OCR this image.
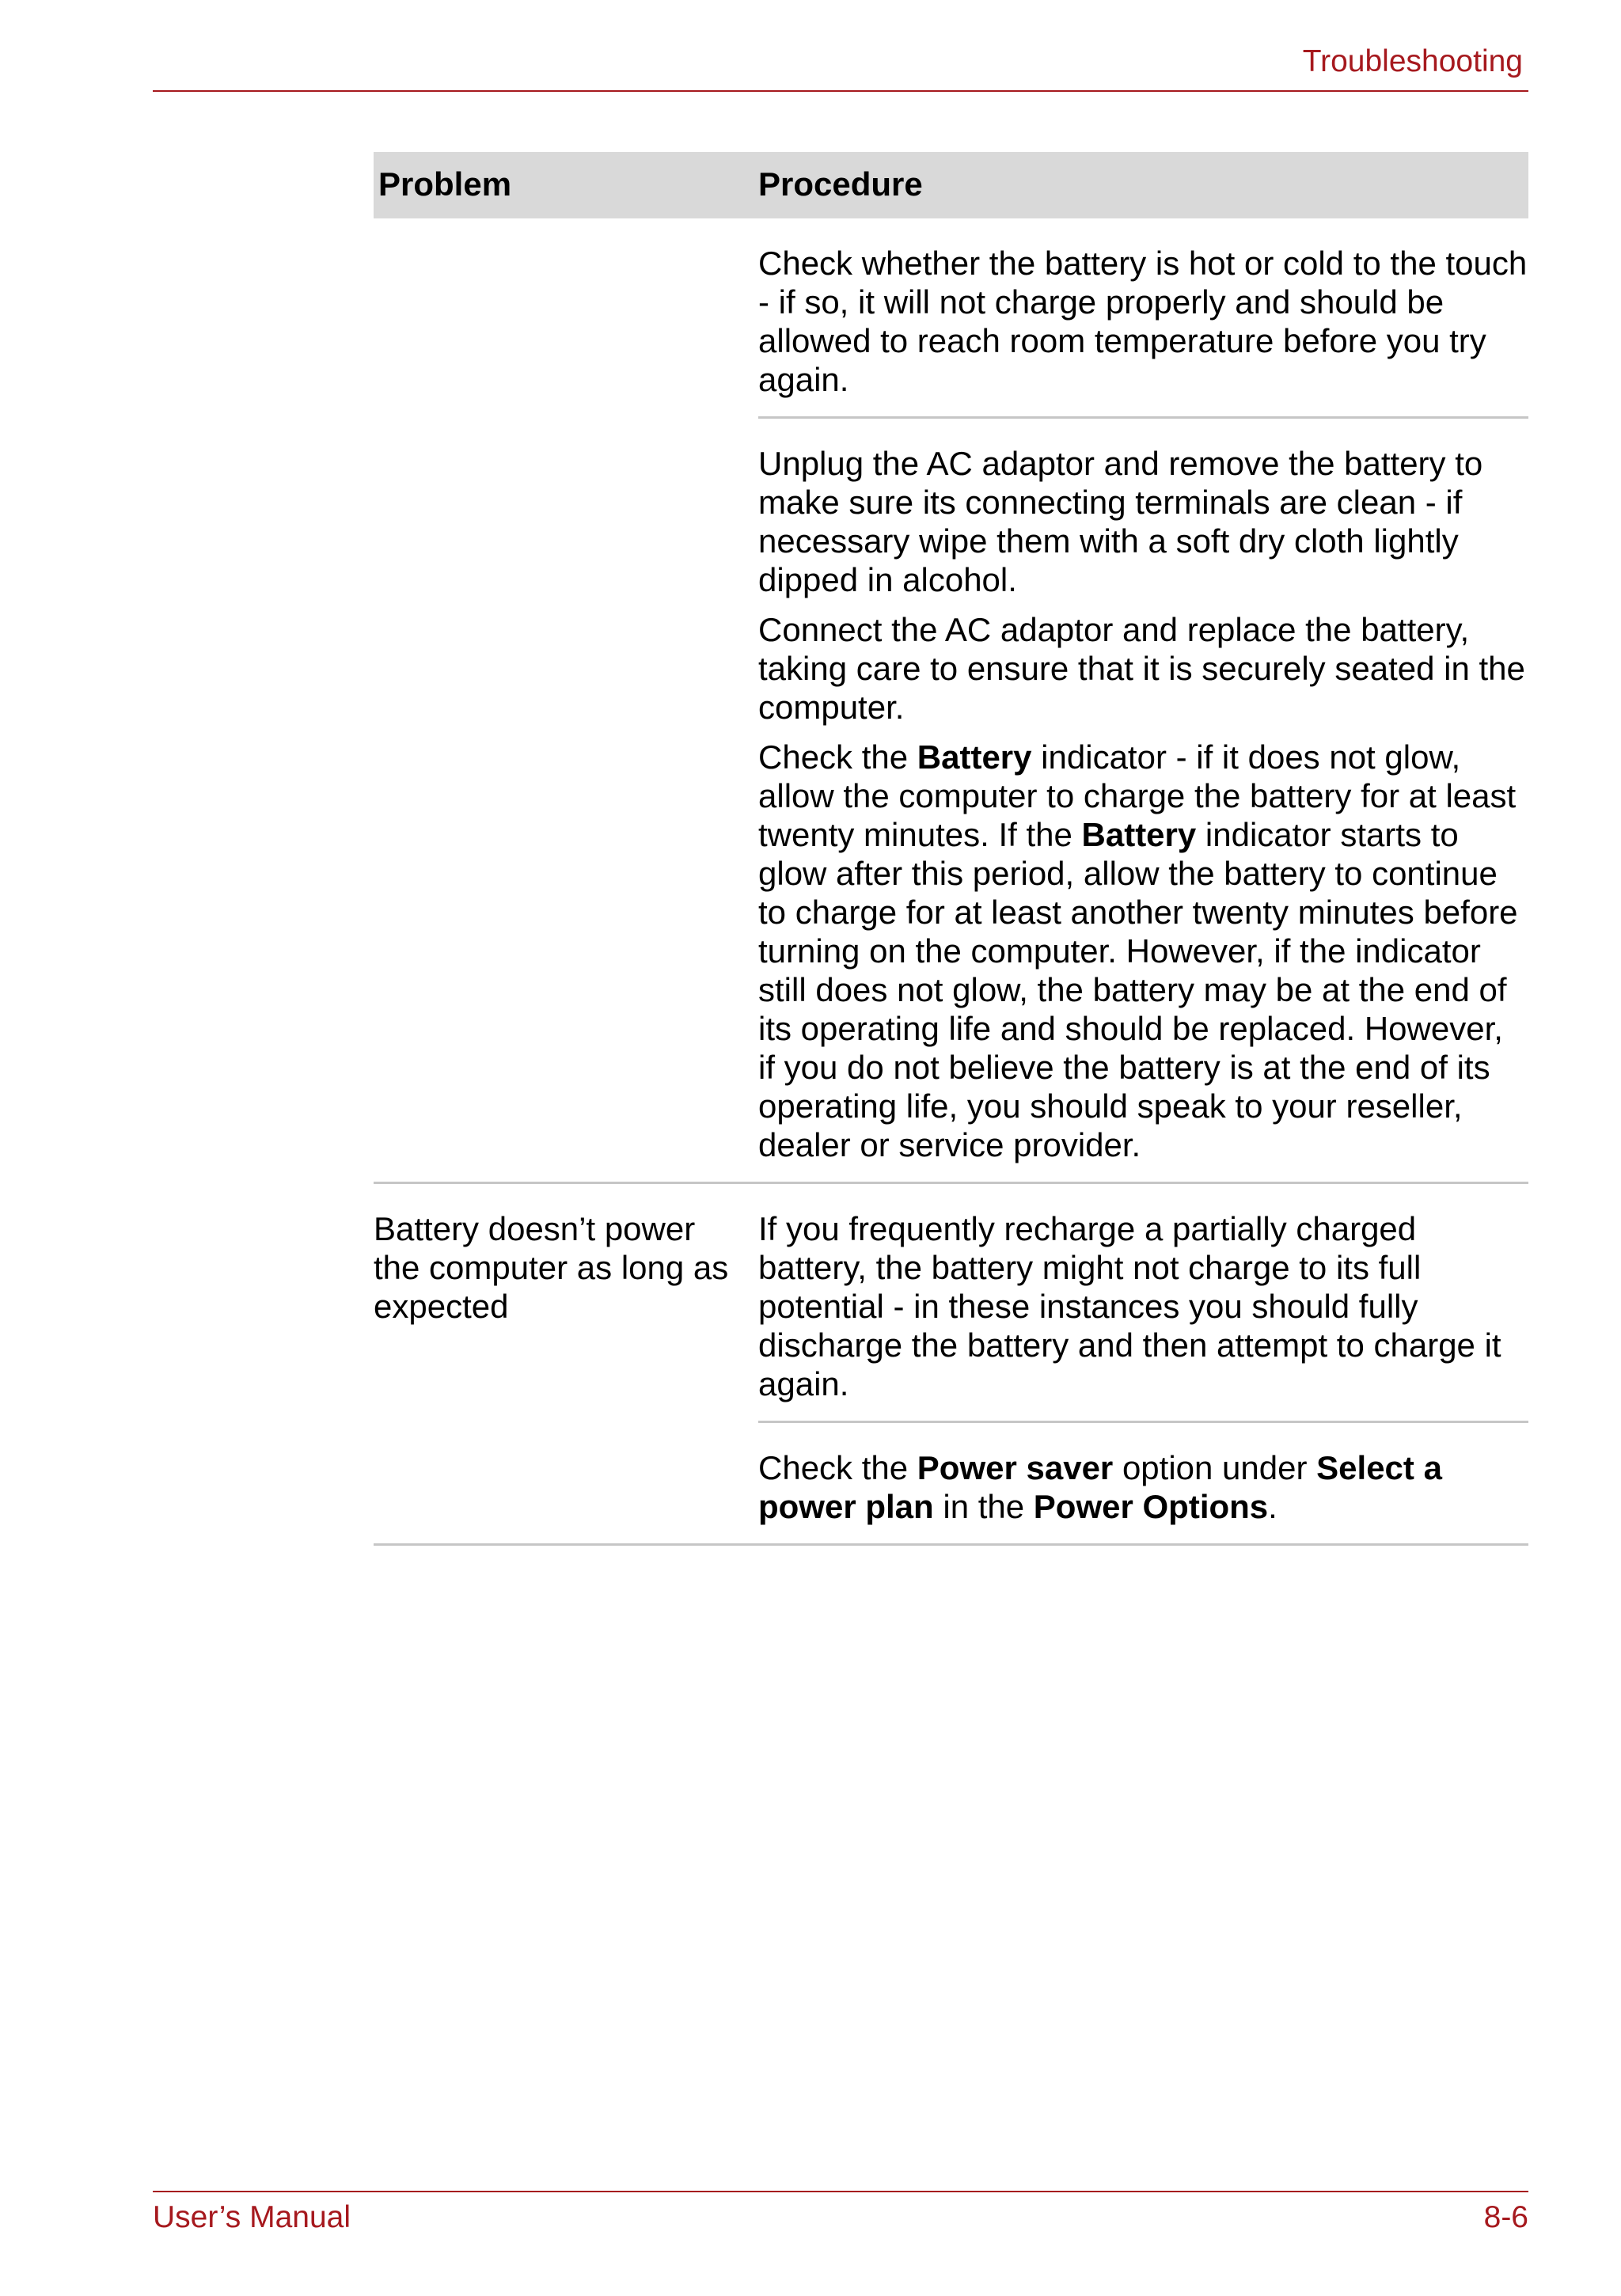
Troubleshooting
Problem	Procedure

Check whether the battery is hot or cold to the touch - if so, it will not charge properly and should be allowed to reach room temperature before you try again.

Unplug the AC adaptor and remove the battery to make sure its connecting terminals are clean - if necessary wipe them with a soft dry cloth lightly dipped in alcohol.

Connect the AC adaptor and replace the battery, taking care to ensure that it is securely seated in the computer.

Check the Battery indicator - if it does not glow, allow the computer to charge the battery for at least twenty minutes. If the Battery indicator starts to glow after this period, allow the battery to continue to charge for at least another twenty minutes before turning on the computer. However, if the indicator still does not glow, the battery may be at the end of its operating life and should be replaced. However, if you do not believe the battery is at the end of its operating life, you should speak to your reseller, dealer or service provider.

Battery doesn’t power the computer as long as expected

If you frequently recharge a partially charged battery, the battery might not charge to its full potential - in these instances you should fully discharge the battery and then attempt to charge it again.

Check the Power saver option under Select a power plan in the Power Options.

User’s Manual	8-6
